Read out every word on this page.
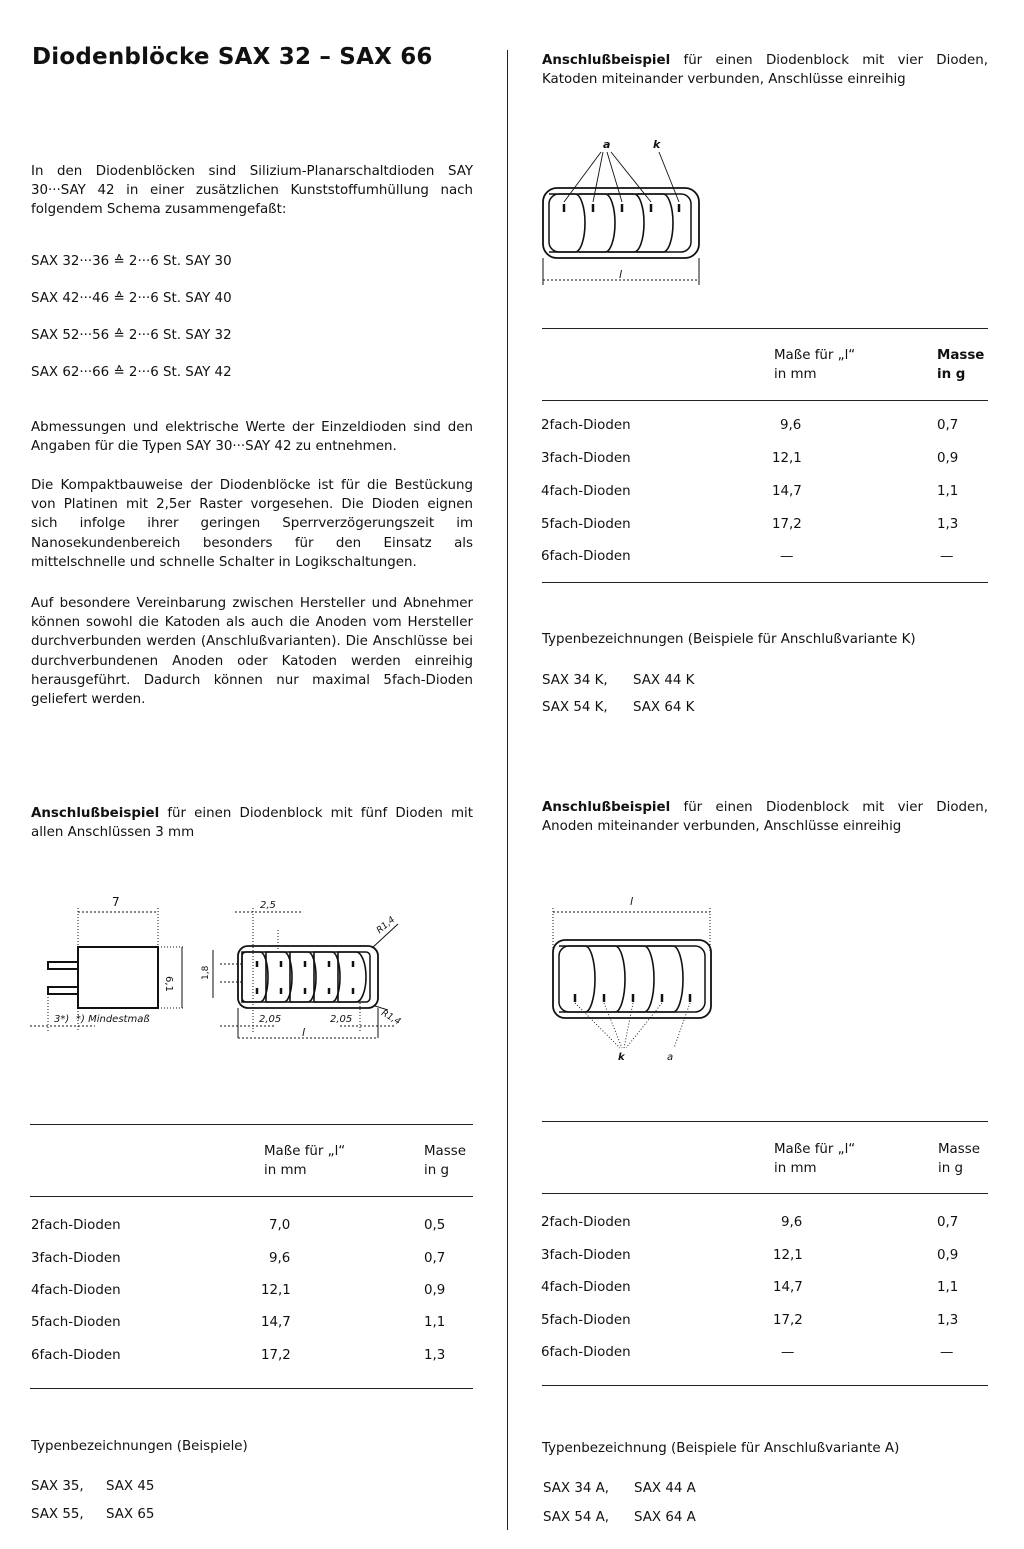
Diodenblöcke SAX 32 – SAX 66
In den Diodenblöcken sind Silizium-Planarschaltdioden SAY 30···SAY 42 in einer zusätzlichen Kunststoffumhüllung nach folgendem Schema zusammengefaßt:
SAX 32···36 ≙ 2···6 St. SAY 30
SAX 42···46 ≙ 2···6 St. SAY 40
SAX 52···56 ≙ 2···6 St. SAY 32
SAX 62···66 ≙ 2···6 St. SAY 42
Abmessungen und elektrische Werte der Einzeldioden sind den Angaben für die Typen SAY 30···SAY 42 zu entnehmen.
Die Kompaktbauweise der Diodenblöcke ist für die Bestückung von Platinen mit 2,5er Raster vorgesehen. Die Dioden eignen sich infolge ihrer geringen Sperrverzögerungszeit im Nanosekundenbereich besonders für den Einsatz als mittelschnelle und schnelle Schalter in Logikschaltungen.
Auf besondere Vereinbarung zwischen Hersteller und Abnehmer können sowohl die Katoden als auch die Anoden vom Hersteller durchverbunden werden (Anschlußvarianten). Die Anschlüsse bei durchverbundenen Anoden oder Katoden werden einreihig herausgeführt. Dadurch können nur maximal 5fach-Dioden geliefert werden.
Anschlußbeispiel für einen Diodenblock mit fünf Dioden mit allen Anschlüssen 3 mm
7
6,1
3*)
2,5
1,8
2,05	2,05
R1,4
R1,4
l
*) Mindestmaß
Maße für „l“
in mm
Masse
in g
2fach-Dioden	7,0	0,5
3fach-Dioden	9,6	0,7
4fach-Dioden	12,1	0,9
5fach-Dioden	14,7	1,1
6fach-Dioden	17,2	1,3
Typenbezeichnungen (Beispiele)
SAX 35, SAX 45
SAX 55, SAX 65
Anschlußbeispiel für einen Diodenblock mit vier Dioden, Katoden miteinander verbunden, Anschlüsse einreihig
a	k
l
Maße für „l“
in mm
Masse
in g
2fach-Dioden	9,6	0,7
3fach-Dioden	12,1	0,9
4fach-Dioden	14,7	1,1
5fach-Dioden	17,2	1,3
6fach-Dioden	—	—
Typenbezeichnungen (Beispiele für Anschlußvariante K)
SAX 34 K, SAX 44 K
SAX 54 K, SAX 64 K
Anschlußbeispiel für einen Diodenblock mit vier Dioden, Anoden miteinander verbunden, Anschlüsse einreihig
l
k	a
Maße für „l“
in mm
Masse
in g
2fach-Dioden	9,6	0,7
3fach-Dioden	12,1	0,9
4fach-Dioden	14,7	1,1
5fach-Dioden	17,2	1,3
6fach-Dioden	—	—
Typenbezeichnung (Beispiele für Anschlußvariante A)
SAX 34 A, SAX 44 A
SAX 54 A, SAX 64 A
